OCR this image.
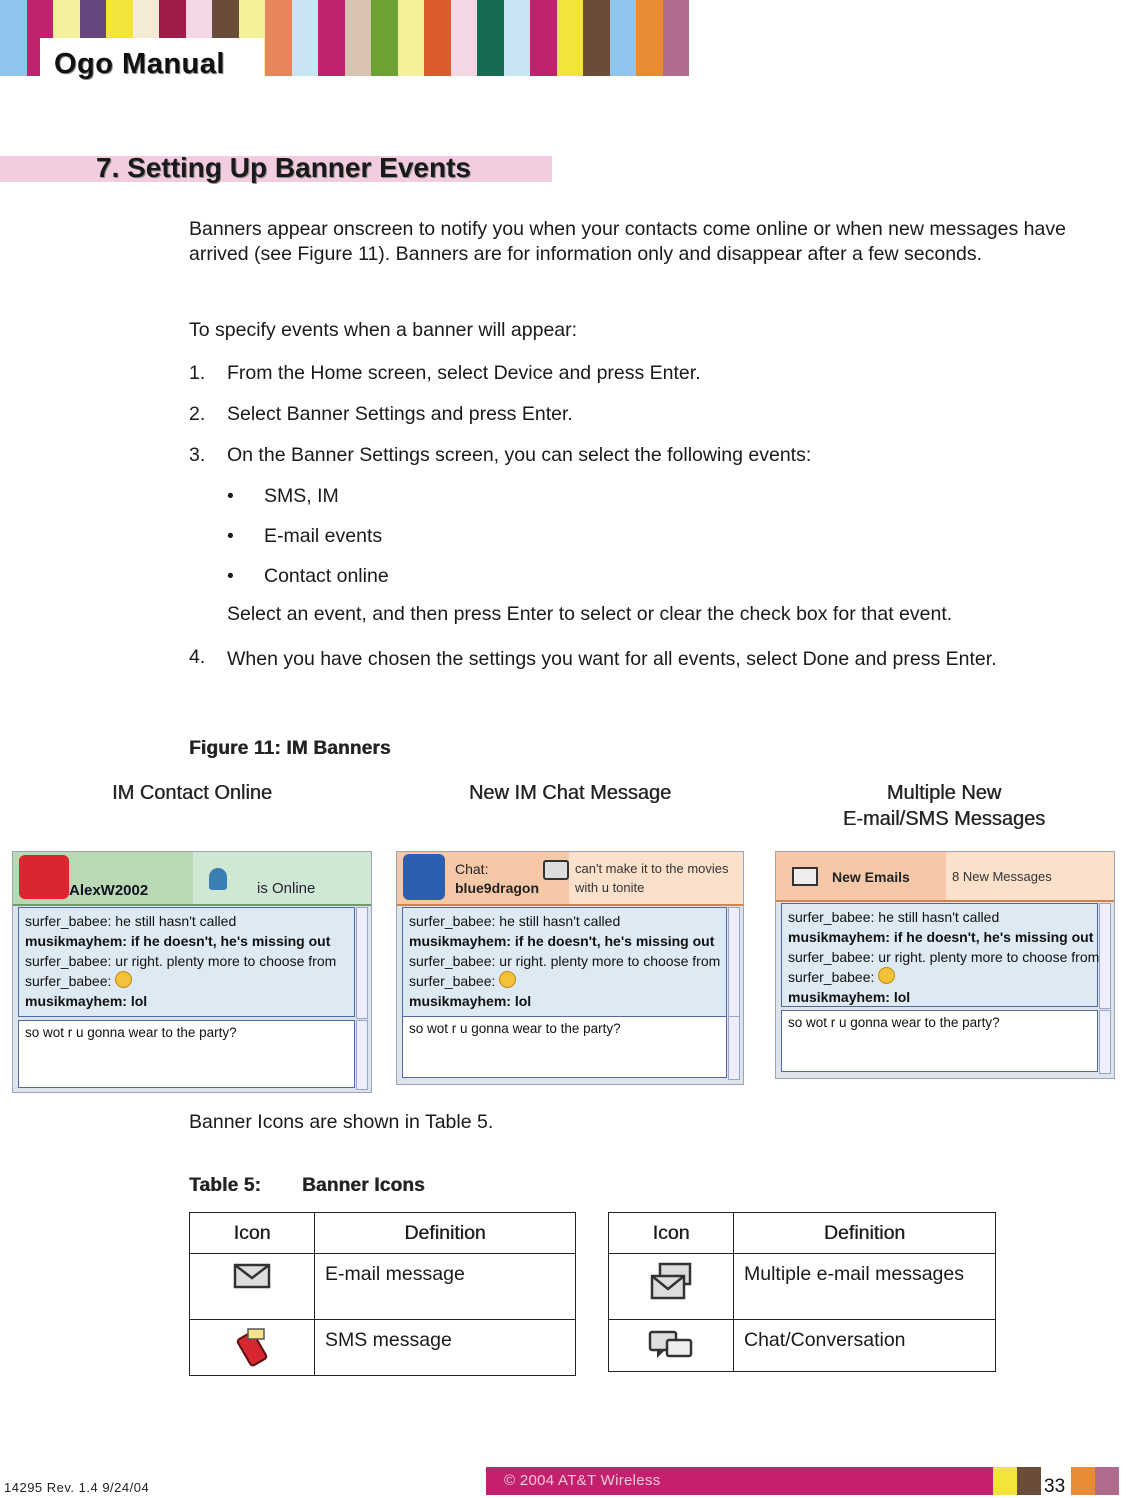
Ogo Manual
7. Setting Up Banner Events
Banners appear onscreen to notify you when your contacts come online or when new messages have arrived (see Figure 11). Banners are for information only and disappear after a few seconds.
To specify events when a banner will appear:
1. From the Home screen, select Device and press Enter.
2. Select Banner Settings and press Enter.
3. On the Banner Settings screen, you can select the following events:
• SMS, IM
• E-mail events
• Contact online
Select an event, and then press Enter to select or clear the check box for that event.
4. When you have chosen the settings you want for all events, select Done and press Enter.
Figure 11: IM Banners
IM Contact Online	New IM Chat Message	Multiple New
E-mail/SMS Messages
AlexW2002	is Online
surfer_babee: he still hasn't called
musikmayhem: if he doesn't, he's missing out
surfer_babee: ur right. plenty more to choose from
surfer_babee:
musikmayhem: lol
so wot r u gonna wear to the party?
Chat:
blue9dragon
can't make it to the movies
with u tonite
surfer_babee: he still hasn't called
musikmayhem: if he doesn't, he's missing out
surfer_babee: ur right. plenty more to choose from
surfer_babee:
musikmayhem: lol
so wot r u gonna wear to the party?
New Emails	8 New Messages
surfer_babee: he still hasn't called
musikmayhem: if he doesn't, he's missing out
surfer_babee: ur right. plenty more to choose from
surfer_babee:
musikmayhem: lol
so wot r u gonna wear to the party?
Banner Icons are shown in Table 5.
Table 5: Banner Icons
Icon	Definition
	E-mail message
	SMS message
Icon	Definition
	Multiple e-mail messages
	Chat/Conversation
14295 Rev. 1.4 9/24/04	© 2004 AT&T Wireless	33
